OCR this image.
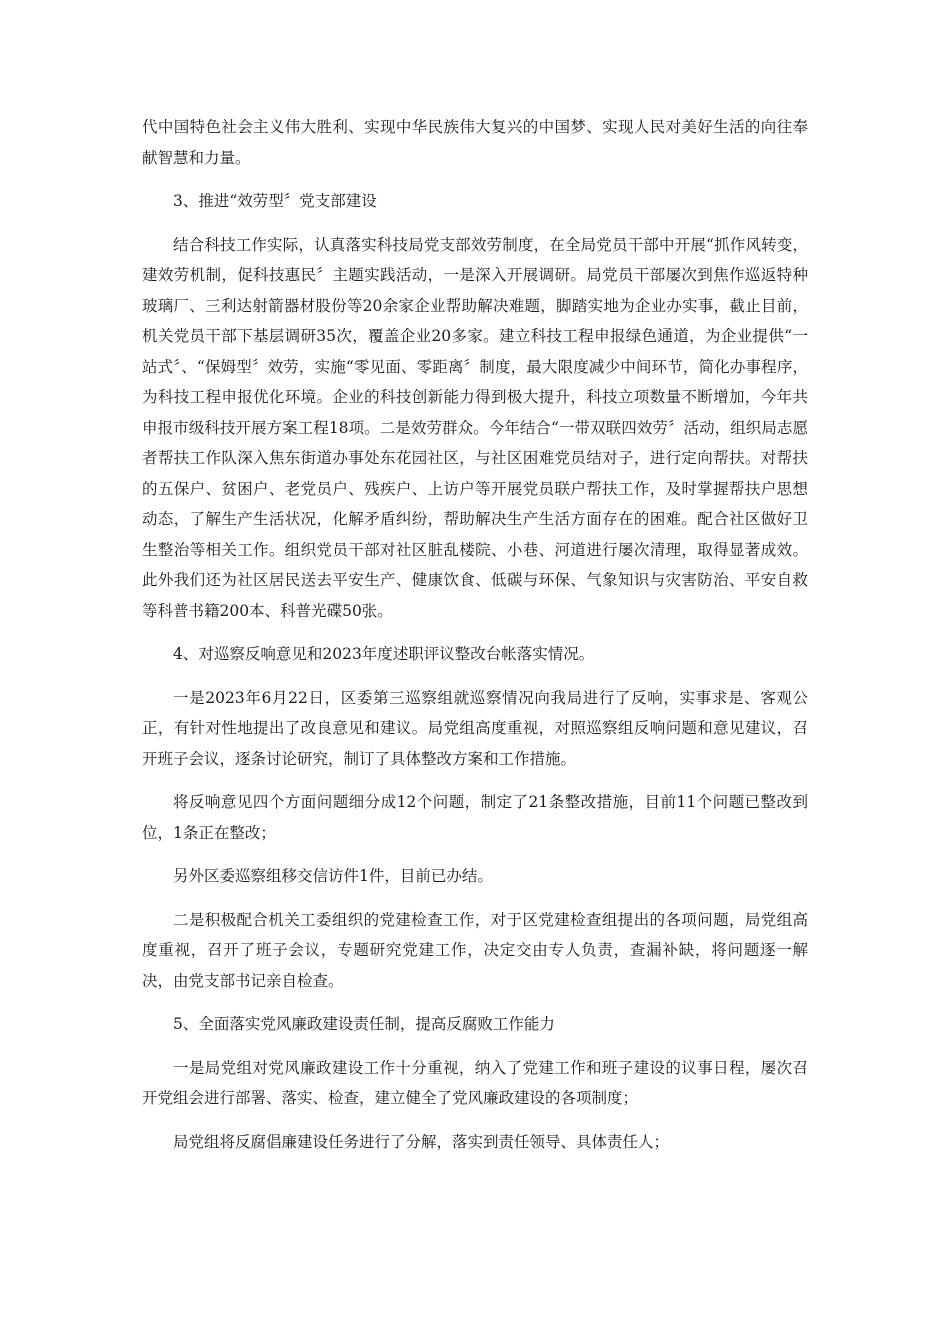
代中国特色社会主义伟大胜利、实现中华民族伟大复兴的中国梦、实现人民对美好生活的向往奉献智慧和力量。

3、推进“效劳型〞党支部建设

结合科技工作实际，认真落实科技局党支部效劳制度，在全局党员干部中开展“抓作风转变，建效劳机制，促科技惠民〞主题实践活动，一是深入开展调研。局党员干部屡次到焦作巡返特种玻璃厂、三利达射箭器材股份等20余家企业帮助解决难题，脚踏实地为企业办实事，截止目前，机关党员干部下基层调研35次，覆盖企业20多家。建立科技工程申报绿色通道，为企业提供“一站式〞、“保姆型〞效劳，实施“零见面、零距离〞制度，最大限度减少中间环节，简化办事程序，为科技工程申报优化环境。企业的科技创新能力得到极大提升，科技立项数量不断增加，今年共申报市级科技开展方案工程18项。二是效劳群众。今年结合“一带双联四效劳〞活动，组织局志愿者帮扶工作队深入焦东街道办事处东花园社区，与社区困难党员结对子，进行定向帮扶。对帮扶的五保户、贫困户、老党员户、残疾户、上访户等开展党员联户帮扶工作，及时掌握帮扶户思想动态，了解生产生活状况，化解矛盾纠纷，帮助解决生产生活方面存在的困难。配合社区做好卫生整治等相关工作。组织党员干部对社区脏乱楼院、小巷、河道进行屡次清理，取得显著成效。此外我们还为社区居民送去平安生产、健康饮食、低碳与环保、气象知识与灾害防治、平安自救等科普书籍200本、科普光碟50张。

4、对巡察反响意见和2023年度述职评议整改台帐落实情况。

一是2023年6月22日，区委第三巡察组就巡察情况向我局进行了反响，实事求是、客观公正，有针对性地提出了改良意见和建议。局党组高度重视，对照巡察组反响问题和意见建议，召开班子会议，逐条讨论研究，制订了具体整改方案和工作措施。

将反响意见四个方面问题细分成12个问题，制定了21条整改措施，目前11个问题已整改到位，1条正在整改；

另外区委巡察组移交信访件1件，目前已办结。

二是积极配合机关工委组织的党建检查工作，对于区党建检查组提出的各项问题，局党组高度重视，召开了班子会议，专题研究党建工作，决定交由专人负责，查漏补缺，将问题逐一解决，由党支部书记亲自检查。

5、全面落实党风廉政建设责任制，提高反腐败工作能力

一是局党组对党风廉政建设工作十分重视，纳入了党建工作和班子建设的议事日程，屡次召开党组会进行部署、落实、检查，建立健全了党风廉政建设的各项制度；

局党组将反腐倡廉建设任务进行了分解，落实到责任领导、具体责任人；
